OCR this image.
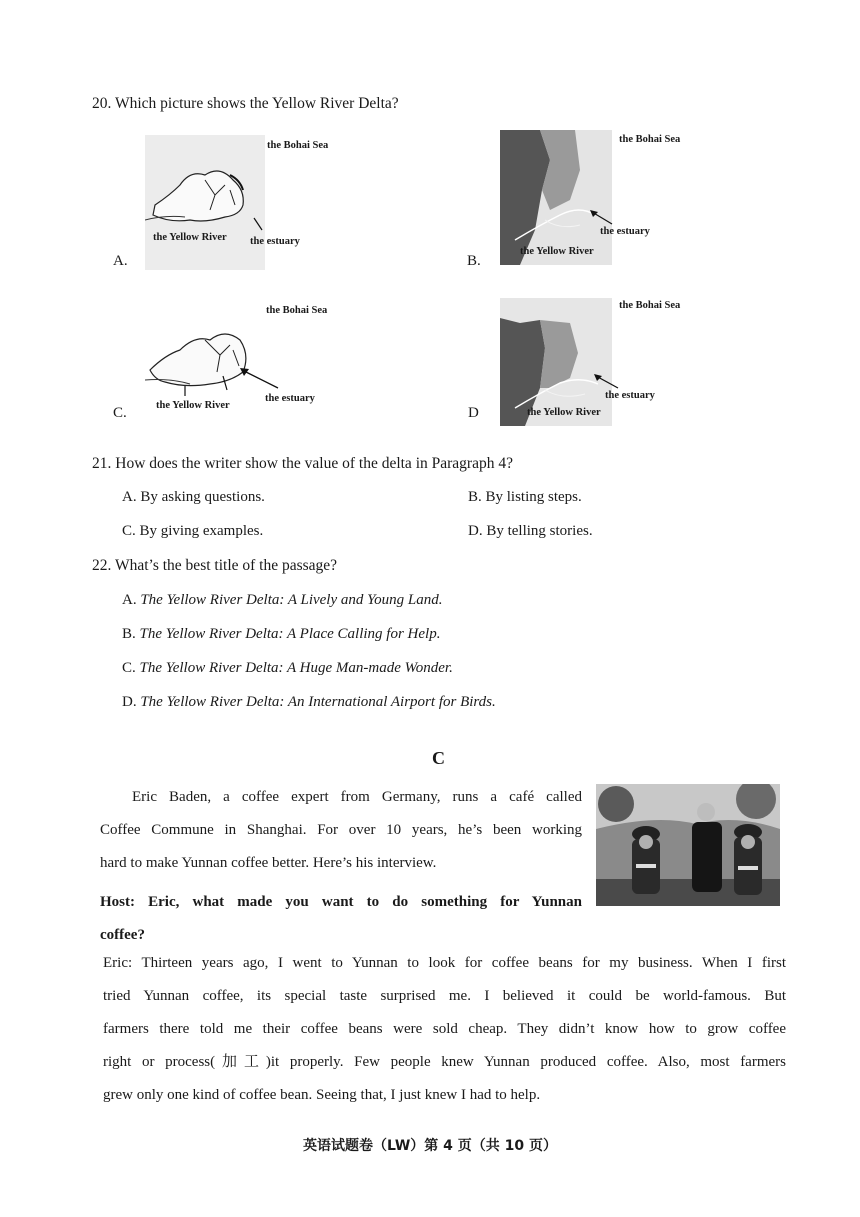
20. Which picture shows the Yellow River Delta?
A.
the Bohai Sea
the Yellow River the estuary
B.
the Bohai Sea
the estuary
the Yellow River
C.
the Bohai Sea
the Yellow River
the estuary
D
the Bohai Sea
the estuary
the Yellow River
21. How does the writer show the value of the delta in Paragraph 4?
A. By asking questions.	B. By listing steps.
C. By giving examples.	D. By telling stories.
22. What’s the best title of the passage?
A. The Yellow River Delta: A Lively and Young Land.
B. The Yellow River Delta: A Place Calling for Help.
C. The Yellow River Delta: A Huge Man-made Wonder.
D. The Yellow River Delta: An International Airport for Birds.
C
Eric Baden, a coffee expert from Germany, runs a café called
Coffee Commune in Shanghai. For over 10 years, he’s been working
hard to make Yunnan coffee better. Here’s his interview.
Host: Eric, what made you want to do something for Yunnan
coffee?
Eric: Thirteen years ago, I went to Yunnan to look for coffee beans for my business. When I first
tried Yunnan coffee, its special taste surprised me. I believed it could be world-famous. But
farmers there told me their coffee beans were sold cheap. They didn’t know how to grow coffee
right or process(加工)it properly. Few people knew Yunnan produced coffee. Also, most farmers
grew only one kind of coffee bean. Seeing that, I just knew I had to help.
英语试题卷（LW）第 4 页（共 10 页）
